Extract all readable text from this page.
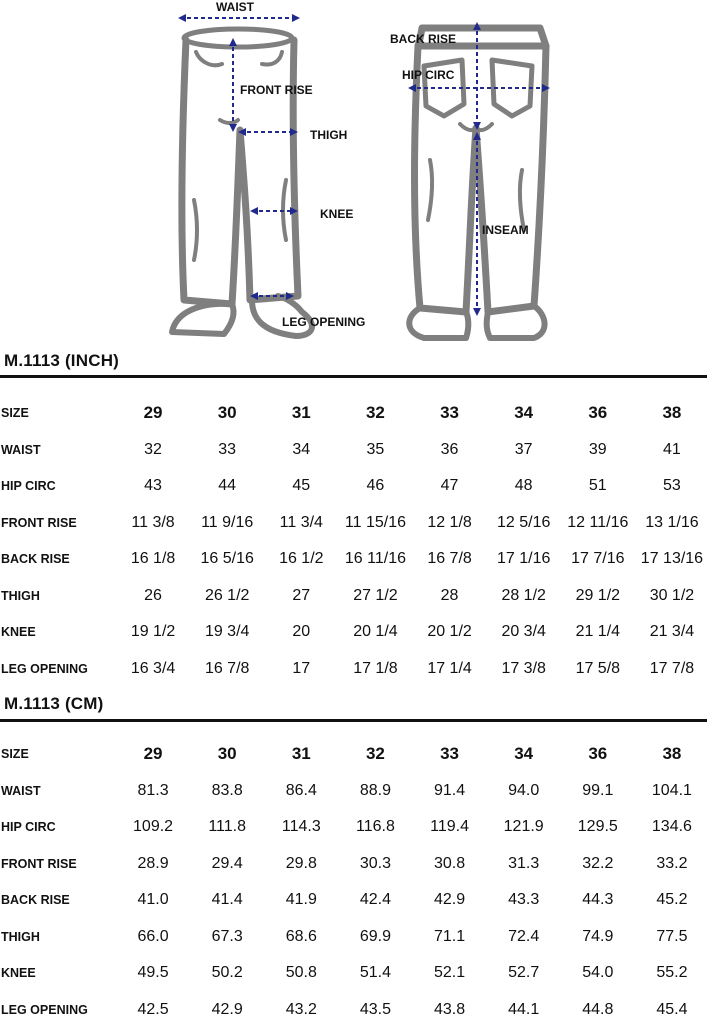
WAIST
FRONT RISE
THIGH
KNEE
LEG OPENING
BACK RISE
HIP CIRC
INSEAM
M.1113 (INCH)
SIZE	29	30	31	32	33	34	36	38
WAIST	32	33	34	35	36	37	39	41
HIP CIRC	43	44	45	46	47	48	51	53
FRONT RISE	11 3/8	11 9/16	11 3/4	11 15/16	12 1/8	12 5/16	12 11/16	13 1/16
BACK RISE	16 1/8	16 5/16	16 1/2	16 11/16	16 7/8	17 1/16	17 7/16	17 13/16
THIGH	26	26 1/2	27	27 1/2	28	28 1/2	29 1/2	30 1/2
KNEE	19 1/2	19 3/4	20	20 1/4	20 1/2	20 3/4	21 1/4	21 3/4
LEG OPENING	16 3/4	16 7/8	17	17 1/8	17 1/4	17 3/8	17 5/8	17 7/8
M.1113 (CM)
SIZE	29	30	31	32	33	34	36	38
WAIST	81.3	83.8	86.4	88.9	91.4	94.0	99.1	104.1
HIP CIRC	109.2	111.8	114.3	116.8	119.4	121.9	129.5	134.6
FRONT RISE	28.9	29.4	29.8	30.3	30.8	31.3	32.2	33.2
BACK RISE	41.0	41.4	41.9	42.4	42.9	43.3	44.3	45.2
THIGH	66.0	67.3	68.6	69.9	71.1	72.4	74.9	77.5
KNEE	49.5	50.2	50.8	51.4	52.1	52.7	54.0	55.2
LEG OPENING	42.5	42.9	43.2	43.5	43.8	44.1	44.8	45.4
